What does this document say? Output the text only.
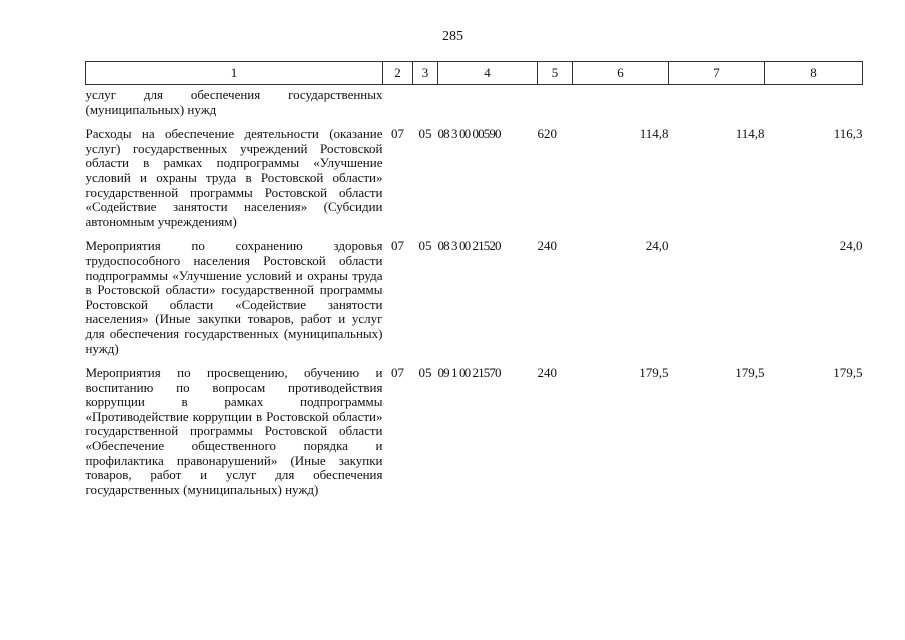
285
1	2	3	4	5	6	7	8
услуг для обеспечения государственных (муниципальных) нужд							
Расходы на обеспечение деятельности (оказание услуг) государственных учреждений Ростовской области в рамках подпрограммы «Улучшение условий и охраны труда в Ростовской области» государственной программы Ростовской области «Содействие занятости населения» (Субсидии автономным учреждениям)	07	05	08 3 00 00590	620	114,8	114,8	116,3
Мероприятия по сохранению здоровья трудоспособного населения Ростовской области подпрограммы «Улучшение условий и охраны труда в Ростовской области» государственной программы Ростовской области «Содействие занятости населения» (Иные закупки товаров, работ и услуг для обеспечения государственных (муниципальных) нужд)	07	05	08 3 00 21520	240	24,0		24,0
Мероприятия по просвещению, обучению и воспитанию по вопросам противодействия коррупции в рамках подпрограммы «Противодействие коррупции в Ростовской области» государственной программы Ростовской области «Обеспечение общественного порядка и профилактика правонарушений» (Иные закупки товаров, работ и услуг для обеспечения государственных (муниципальных) нужд)	07	05	09 1 00 21570	240	179,5	179,5	179,5
